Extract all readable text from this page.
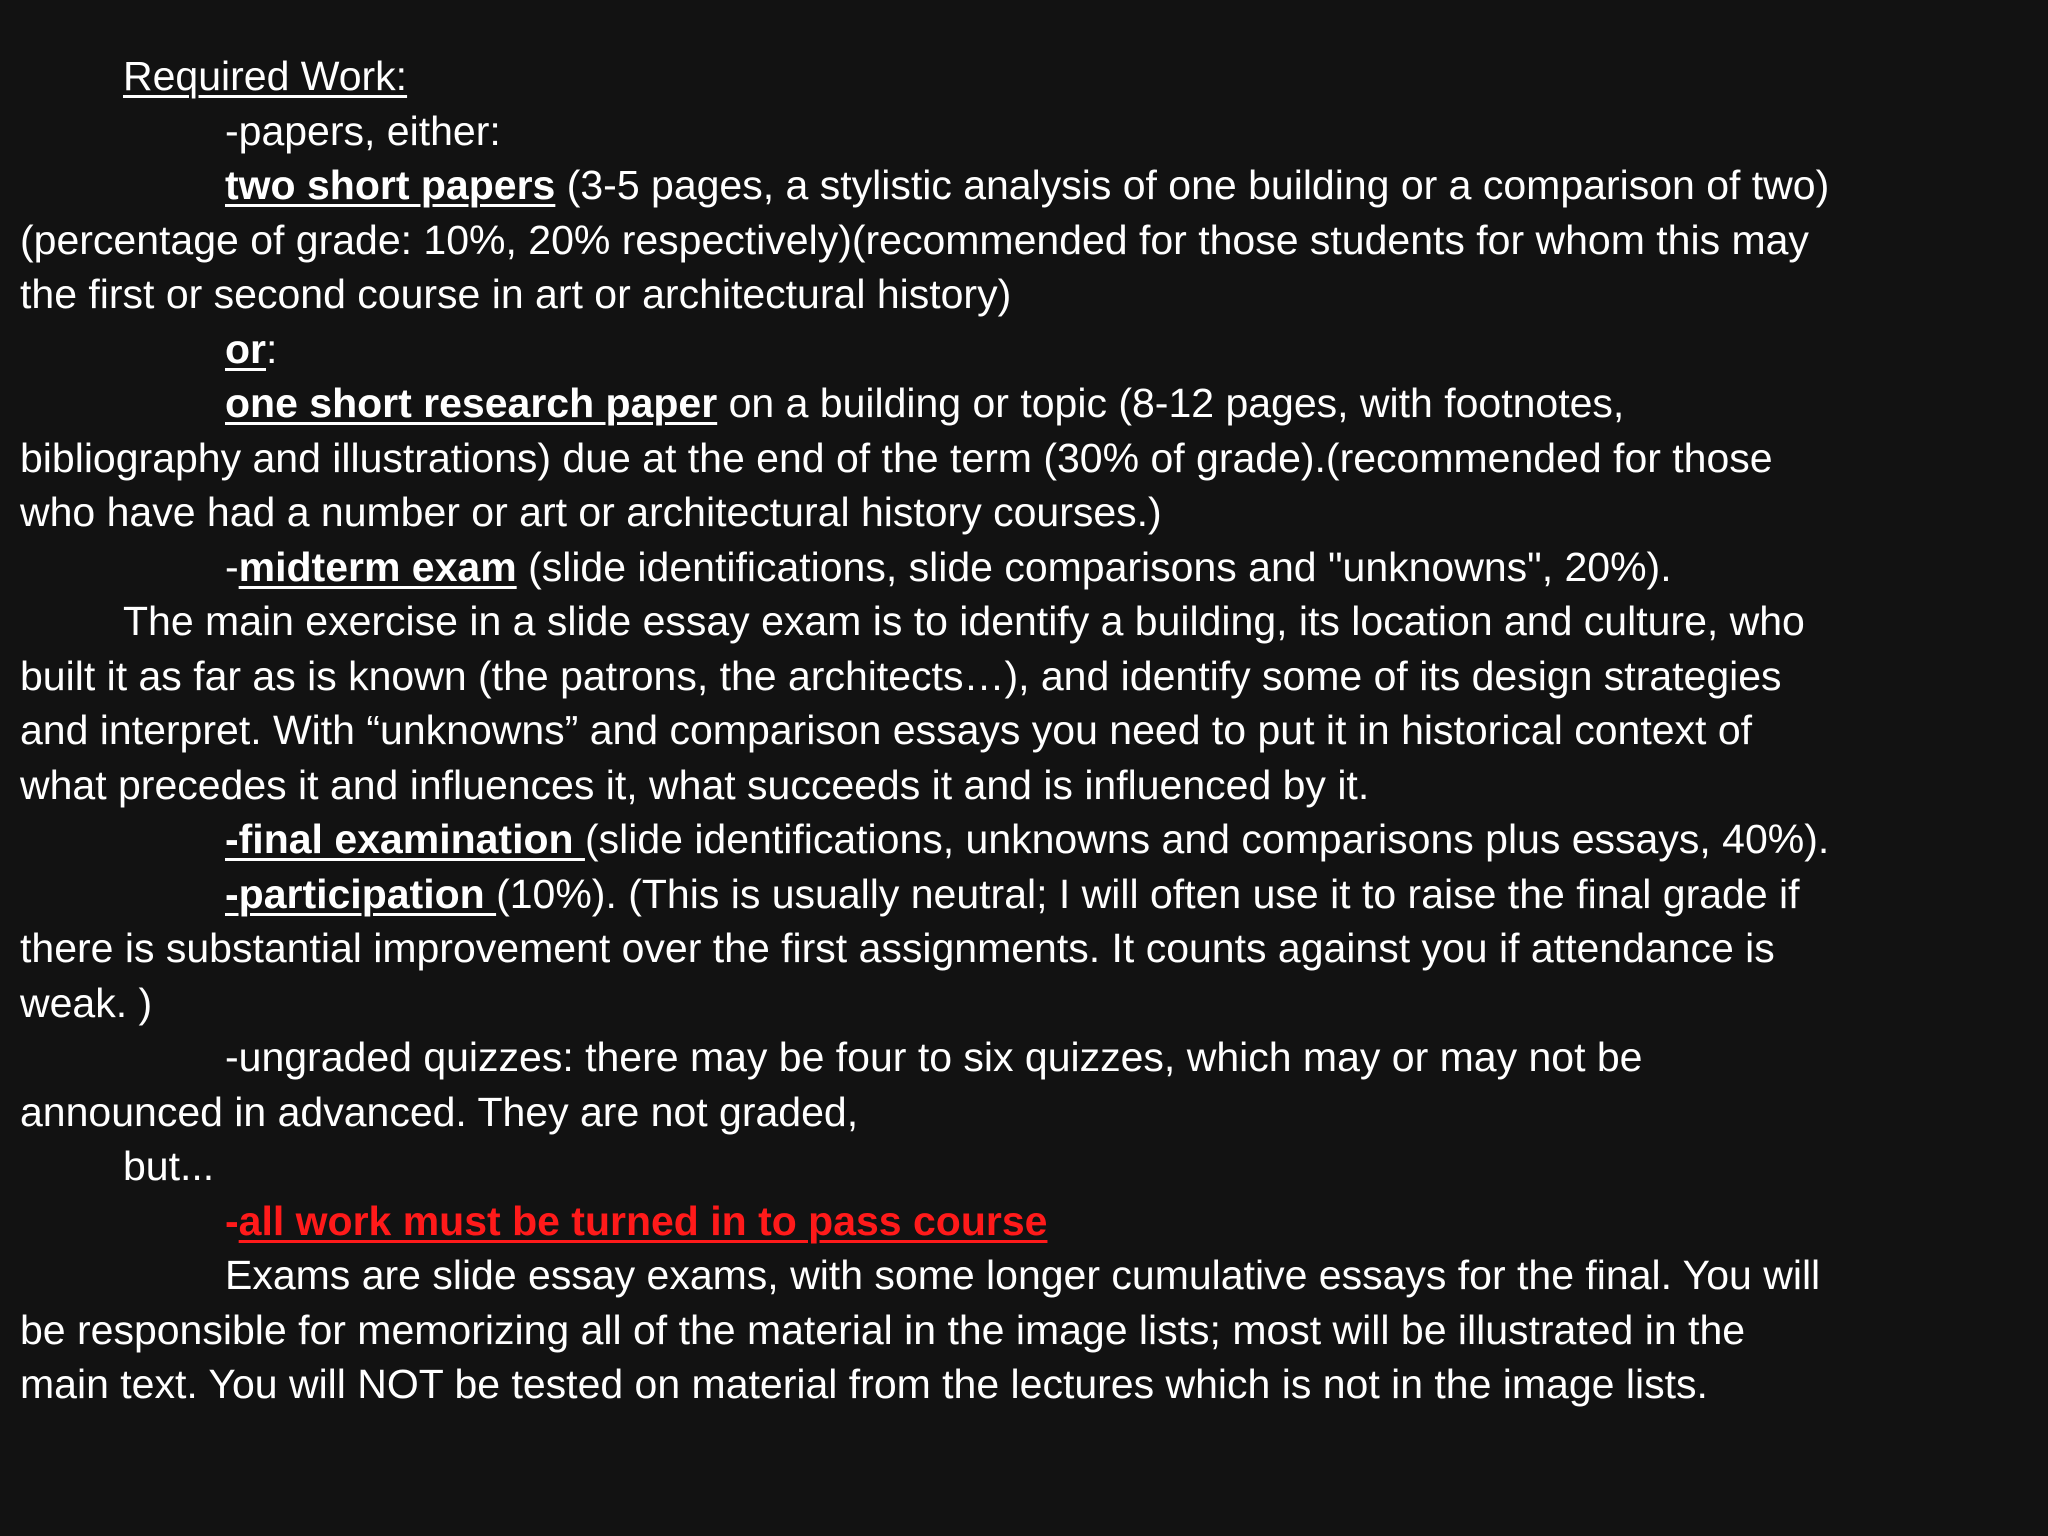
Required Work:
-papers, either:
two short papers (3-5 pages, a stylistic analysis of one building or a comparison of two)
(percentage of grade: 10%, 20% respectively)(recommended for those students for whom this may
the first or second course in art or architectural history)
or:
one short research paper on a building or topic (8-12 pages, with footnotes,
bibliography and illustrations) due at the end of the term (30% of grade).(recommended for those
who have had a number or art or architectural history courses.)
-midterm exam (slide identifications, slide comparisons and "unknowns", 20%).
The main exercise in a slide essay exam is to identify a building, its location and culture, who
built it as far as is known (the patrons, the architects…), and identify some of its design strategies
and interpret. With “unknowns” and comparison essays you need to put it in historical context of
what precedes it and influences it, what succeeds it and is influenced by it.
-final examination (slide identifications, unknowns and comparisons plus essays, 40%).
-participation (10%). (This is usually neutral; I will often use it to raise the final grade if
there is substantial improvement over the first assignments. It counts against you if attendance is
weak. )
-ungraded quizzes: there may be four to six quizzes, which may or may not be
announced in advanced. They are not graded,
but...
-all work must be turned in to pass course
Exams are slide essay exams, with some longer cumulative essays for the final. You will
be responsible for memorizing all of the material in the image lists; most will be illustrated in the
main text. You will NOT be tested on material from the lectures which is not in the image lists.
